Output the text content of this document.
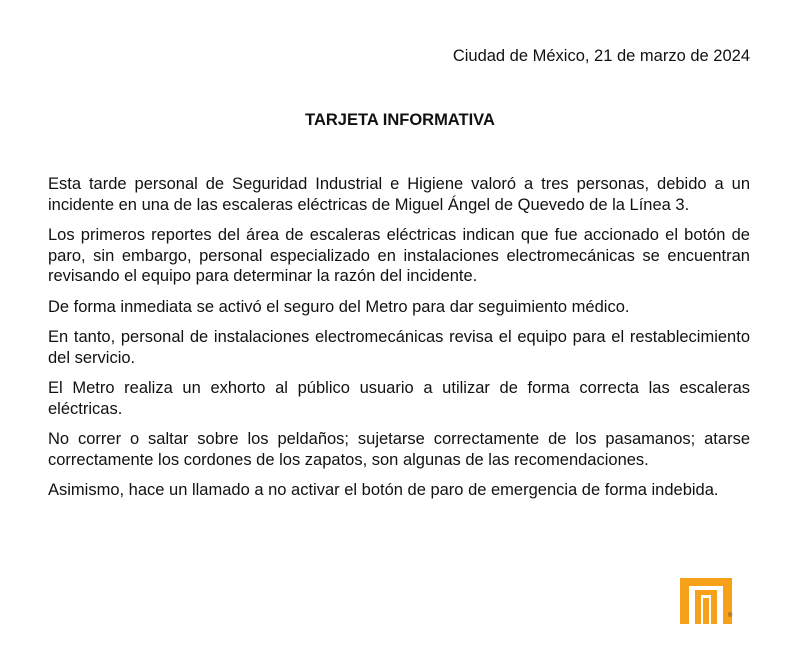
Ciudad de México, 21 de marzo de 2024
TARJETA INFORMATIVA

Esta tarde personal de Seguridad Industrial e Higiene valoró a tres personas, debido a un incidente en una de las escaleras eléctricas de Miguel Ángel de Quevedo de la Línea 3.

Los primeros reportes del área de escaleras eléctricas indican que fue accionado el botón de paro, sin embargo, personal especializado en instalaciones electromecánicas se encuentran revisando el equipo para determinar la razón del incidente.

De forma inmediata se activó el seguro del Metro para dar seguimiento médico.

En tanto, personal de instalaciones electromecánicas revisa el equipo para el restablecimiento del servicio.

El Metro realiza un exhorto al público usuario a utilizar de forma correcta las escaleras eléctricas.

No correr o saltar sobre los peldaños; sujetarse correctamente de los pasamanos; atarse correctamente los cordones de los zapatos, son algunas de las recomendaciones.

Asimismo, hace un llamado a no activar el botón de paro de emergencia de forma indebida.

®
